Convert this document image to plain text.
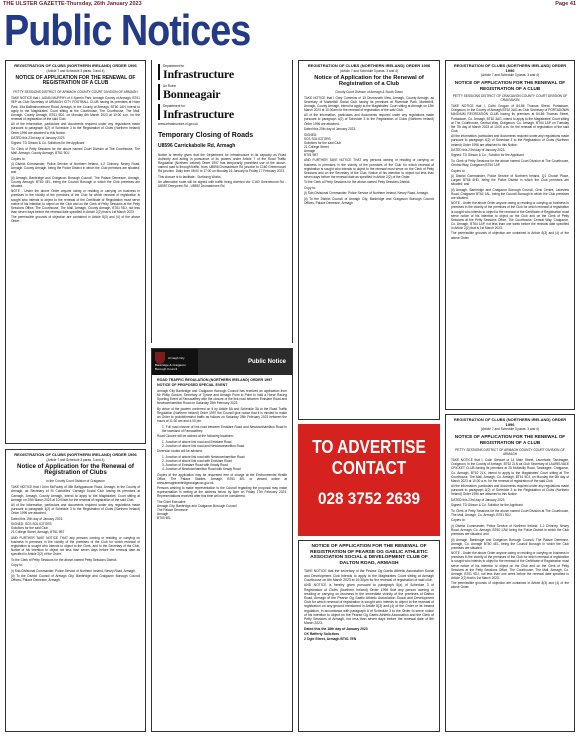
THE ULSTER GAZETTE-Thursday, 26th January 2023	Page 41
Public Notices
REGISTRATION OF CLUBS (NORTHERN IRELAND) ORDER 1996
(Article 7 and Schedule 3 paras. 3 and 4)
NOTICE OF APPLICATION FOR THE RENEWAL OF REGISTRATION OF A CLUB
PETTY SESSIONS DISTRICT OF ARMAGH COUNTY COURT DIVISION OF ARMAGH

TAKE NOTICE that I, AIDAN MURPHY of 4 Sperrin Park, Armagh County of Armagh, BT61 9EP as Club Secretary of ARMAGH CITY FOOTBALL CLUB having its premises at Holm Park, 45a Ballinahonemore Road, Armagh, in the County of Armagh, BT60 1AH, intend to apply to the Magistrates' Court sitting at the Courthouse, The Courthouse, The Mall, Armagh, County Armagh, BT61 9DJ, on Monday 6th March 2023 at 10:00 a.m. for the renewal of registration of the said Club.

All of the information, particulars and documents required under any regulations made pursuant to paragraph 4(2) of Schedule 3 to the Registration of Clubs (Northern Ireland) Order 1996 are attached to this Notice.

DATED this 23rd day of January 2023.

Signed: TD Gibson & Co. Solicitors for the Applicant

To: Clerk of Petty Sessions for the above named Court Division at The Courthouse, The Mall, Armagh, County Armagh, BT61 9DJ

Copies to:

(i) District Commander, Police Service of Northern Ireland, 1-2 Chinney, Newry Road, Armagh, County Armagh, being the Police District in which the Club premises are situated; and

(ii) Armagh, Banbridge and Craigavon Borough Council, The Palace Demesne, Armagh, County Armagh, BT60 4EL, being the Council Borough in which the Club premises are situated.

NOTE - Under the above Order anyone owing or residing or carrying on business in premises in the vicinity of the premises of the Club for which renewal of registration is sought who intends to object to the renewal of the Certificate of Registration must serve notice of his intention to object on the Club and on the Clerk of Petty Sessions at the Petty Sessions Office, The Courthouse, The Mall, Armagh, County Armagh, BT61 9DJ, not less than seven days before the renewal date specified in Article 2(2) that is 1st March 2023.

The permissible grounds of objection are contained in Article 8(3) and (4) of the above Order.

REGISTRATION OF CLUBS (NORTHERN IRELAND) ORDER 1996
(Article 7 and Schedule 3 paras. 3 and 4)
Notice of Application for the Renewal of Registration of Clubs
in the County Court Division of Craigavon

TAKE NOTICE that I John McFaddy of 45b Ballygassoon Road, Armagh, in the County of Armagh, as Secretary of St Colmcilles' Carnagh Social Club having its premises at Carnagh, Armagh, County Armagh, intend to apply to the Magistrates' Court sitting at Armagh on 20th March 2023 at 10:00am for the renewal of registration of the said Club.

All of the information, particulars and documents required under any regulations made pursuant to paragraph 4(2) of Schedule 3 to the Registration of Clubs (Northern Ireland) Order 1996 are attached.

Dated this 19th day of January 2023.

SIGNED: SCS SOLICITORS

Solicitors for the said Club

21 College Street, Armagh, BT61 9BT

AND FURTHER TAKE NOTICE THAT any persons owning or residing or carrying on business in premises in the vicinity of the premises of the Club for which renewal of registration is sought who intends to object to the Clerk, and to the Secretary of the Club, Notice of his intention to object not less than seven days before the renewal date as specified in Article 2(2) of the Order.

To the Clerk of Petty Sessions for the above-named Petty Sessions District.

Copy to:

(i) Sub-Divisional Commander, Police Service of Northern Ireland, Newry Road, Armagh.

(ii) To the District Council of Armagh City, Banbridge and Craigavon Borough Council Offices, Palace Demesne, Armagh.

Department for
Infrastructure
An Roinn
Bonneagair
Depairtment fur
Infrastructure
www.infrastructure-ni.gov.uk
Temporary Closing of Roads
U8596 Carrickabolie Rd, Armagh

Notice is hereby given that the Department for Infrastructure in its capacity as Road Authority and acting in pursuance of its powers under Article 7 of the Road Traffic Regulation (Northern Ireland) Order 1997 has temporarily prohibited use of the above-named road to through traffic, from: U8596 Drumadmore Rd junction to C160 Greenmount Rd junction. Daily from 08:00 to 17:00 on Monday 16 January to Friday 17 February 2023.

This closure is to facilitate - Surfacing Works.

An alternative route will be signed with traffic being diverted via: C160 Greenmount Rd - U8597 Derrycrew Rd - U8592 Drumadmore Rd.

Armagh City Banbridge & Craigavon Borough Council
Public Notice
ROAD TRAFFIC REGULATION (NORTHERN IRELAND) ORDER 1997
NOTICE OF PROPOSED SPECIAL EVENT

Armagh City Banbridge and Craigavon Borough Council has received an application from Mr Philip Gordon, Secretary of Tyrone and Armagh Point to Point to hold a Horse Racing Sporting Event at Farnacaffrey with the closure of the link road between Emislare Road and Newtownhamilton Road on Saturday 25th February 2023.

By virtue of the powers conferred on it by Article 8A and Schedule 3A to the Road Traffic Regulation (Northern Ireland) Order 1997 the Council give notice that it is minded to make an Order to prohibit/restrict traffic as follows on Saturday 25th February 2023 between the hours of 11:30 am and 4:00 pm.

1. Full road closure of link road between Emislare Road and Newtownhamilton Road in the townland of Farnacaffrey.

Road Closure will be actived at the following locations:

1. Junction of above link road and Emislare Road

2. Junction of above link road and Newtownhamilton Road

Diversion routes will be advised:

1. Junction of above link road with Newtownhamilton Road

2. Junction of above link road with Emislare Road

3. Junction of Emislare Road with Keady Road

4. Junction of Newtownhamilton Road with Keady Road

Copies of the application may be requested free of charge at the Environmental Health Office, The Palace Stables, Armagh, BT60 4EL or viewed online at www.armaghbanbridgecraigavon.gov.uk

Persons wishing to make representation to the Council regarding the proposal may make representation in writing at the address below by 5pm on Friday 17th February 2023. Representations received after this time will not be considered.

The Chief Executive

Armagh City, Banbridge and Craigavon Borough Council

The Palace Demesne

Armagh

BT60 4EL

REGISTRATION OF CLUBS (NORTHERN IRELAND) ORDER 1996
(Article 7 and Schedule 3 paras. 3 and 4)
Notice of Application for the Renewal of Registration of a Club
County Court Division of Armagh & South Down

TAKE NOTICE that I Gary Cummins of 15 Drumsnath View, Armagh, County Armagh, as Secretary of Markethill Social Club having its premises at Riverdale Park, Markethill, Armagh, County Armagh, intend to apply to the Magistrates' Court sitting at Armagh on 13th March 2023 at 10:00am for the renewal of registration of the said Club.

All of the information, particulars and documents required under any regulations made pursuant to paragraph 4(2) of Schedule 3 to the Registration of Clubs (Northern Ireland) Order 1996 are attached.

Dated this 20th day of January 2023.

SIGNED:

SCS SOLICITORS

Solicitors for the said Club

21 College Street

Armagh

BT61 9BT

AND FURTHER TAKE NOTICE THAT any persons owning or residing or carrying on business in premises in the vicinity of the premises of the Club for which renewal of registration is sought who intends to object to the renewal must serve on the Clerk of Petty Sessions and on the Secretary of the Club, Notice of his intention to object not less than seven days before the renewal date as specified in Article 2(2) of the Order.

To the Clerk of Petty Sessions for the above-named Petty Sessions District.

Copy to:

(i) Sub-Divisional Commander, Police Service of Northern Ireland, Newry Road, Armagh.

(ii) To the District Council of Armagh City, Banbridge and Craigavon Borough Council Offices, Palace Demesne, Armagh.

TO ADVERTISE
CONTACT
028 3752 2639
NOTICE OF APPLICATION FOR THE RENEWAL OF REGISTRATION OF PEARSE OG GAELIC ATHLETIC ASSOCIATION SOCIAL & DEVELOPMENT CLUB OF DALTON ROAD, ARMAGH

TAKE NOTICE that the secretary of the Pearse Og Gaelic Athletic Association Social and Development Club intends to apply to the Magistrates Court sitting at Armagh Courthouse on 6th March 2023 at 10:30pm for the renewal of registration of said club.

AND NOTICE is hereby given pursuant to paragraph 5(a) of Schedule 3 of Registration of Clubs (Northern Ireland) Order 1996 that any person owning or residing or carrying on business in the immediate vicinity of the premises of Dalton Road, Armagh of the Pearse Og Gaelic Athletic Association Social and Development Club for which renewal of registration is sought who intends to object to the renewal of registration on any ground mentioned in Article 8(3) and (4) of the Order or its Ireland regulation, in accordance with paragraph 6 of Schedule 3 to the Order to serve notice of his intention to object on the Pearse Og Gaelic Athletic Association and the Clerk of Petty Sessions of Armagh, not less than seven days before the renewal date of 8th March 2023.

Dated this the 18th day of January 2023

CK Rafferty Solicitors

2 Ogle Street, Armagh BT61 7EN

REGISTRATION OF CLUBS (NORTHERN IRELAND) ORDER 1996
(Article 7 and Schedule 3 paras. 3 and 4)
NOTICE OF APPLICATION FOR THE RENEWAL OF REGISTRATION OF A CLUB
PETTY SESSIONS DISTRICT OF CRAIGAVON COUNTY COURT DIVISION OF CRAIGAVON

TAKE NOTICE that I, Colm Grogan of 84-86 Thomas Street, Portadown, Craigavon, in the County of Armagh BT62 3AG as Club Secretary of PORTADOWN MAGNUM RECREATION CLUB having its premises at 84-86 Thomas Street, Portadown, Co. Armagh, BT62 3AG, intend to apply to the Magistrates' Court sitting at The Courthouse, Central Way, Craigavon, Co. Armagh, BT64 1AP on Tuesday the 7th day of March 2023 at 10:00 a.m. for the renewal of registration of the said Club.

All the information, particulars and documents required under any regulations made pursuant to paragraph 4(2) of Schedule 3 to the Registration of Clubs (Northern Ireland) Order 1996 are attached to this Notice.

DATED this 23rd day of January 2023.

Signed: TD Gibson & Co., Solicitor for the Applicant

To: Clerk of Petty Sessions for the above named Court Division at The Courthouse, Central Way, Craigavon BT64 1AP.

Copies to:

(i) District Commander, Police Service of Northern Ireland, Q1 Church Place, Lurgan BT66 6HD, being the Police District in which the Club premises are situated; and

(ii) Armagh, Banbridge and Craigavon Borough Council, Civic Centre, Lakeview Road, Craigavon BT64 1AL, being the Council Borough in which the Club premises are situated.

NOTE - Under the above Order anyone owing or residing or carrying on business in premises in the vicinity of the premises of the Club for which renewal of registration is sought who intends to object to the renewal of the Certificate of Registration must serve notice of his intention to object on the Club and on the Clerk of Petty Sessions at the Petty Sessions Office, The Courthouse, Central Way, Craigavon, Co. Armagh, BT64 1AP, not less than one week before the renewal date specified in Article 2(2) that is 1st March 2023.

The permissible grounds of objection are contained in Article 8(3) and (4) of the above Order.

REGISTRATION OF CLUBS (NORTHERN IRELAND) ORDER 1996
(Article 7 and Schedule 3 paras. 3 and 4)
NOTICE OF APPLICATION FOR THE RENEWAL OF REGISTRATION OF A CLUB
PETTY SESSIONS DISTRICT OF ARMAGH COUNTY COURT DIVISION OF ARMAGH

TAKE NOTICE that I, Colin Stewart of 14 Main Street, Laurelvale, Tandragee, Craigavon, in the County of Armagh, BT62 2LN as Club Secretary of LAURELVALE CRICKET CLUB having its premises at 25 Mullavilly Road, Tandragee, Craigavon, Co. Armagh, BT62 2LX, intend to apply to the Magistrates' Court sitting at The Courthouse, The Mall, Armagh, Co. Armagh, BT61 9DJ, on Monday the 6th day of March 2023 at 10:00 a.m. for the renewal of registration of the said Club.

All the information, particulars and documents required under any regulations made pursuant to paragraph 4(2) of Schedule 3 to the Registration of Clubs (Northern Ireland) Order 1996 are attached to this Notice.

DATED this 23rd day of January 2023.

Signed: TD Gibson & Co. Solicitor for the Applicant

To: Clerk of Petty Sessions for the above named Court Division at The Courthouse, The Mall, Armagh, Co. Armagh, BT61 9DJ.

Copies to:

(i) District Commander, Police Service of Northern Ireland, 1-2 Chinney, Newry Road, Armagh, Co. Armagh, BT60 1JW, being the Police District in which the Club premises are situated; and

(ii) Armagh, Banbridge and Craigavon Borough Council, The Palace Demesne, Armagh, Co. Armagh BT60 4EL, being the Council Borough in which the Club premises are situated.

NOTE - Under the above Order anyone owing or residing or carrying on business in premises in the vicinity of the premises of the Club for which renewal of registration is sought who intends to object to the renewal of the Certificate of Registration must serve notice of his intention to object on the Club and on the Clerk of Petty Sessions at the Petty Sessions Office, The Courthouse, The Mall, Armagh, Co. Armagh, BT61 9DJ, not less than one week before the renewal date specified in Article 2(2) that is 1st March 2023.

The permissible grounds of objection are contained in Article 8(3) and (4) of the above Order.
